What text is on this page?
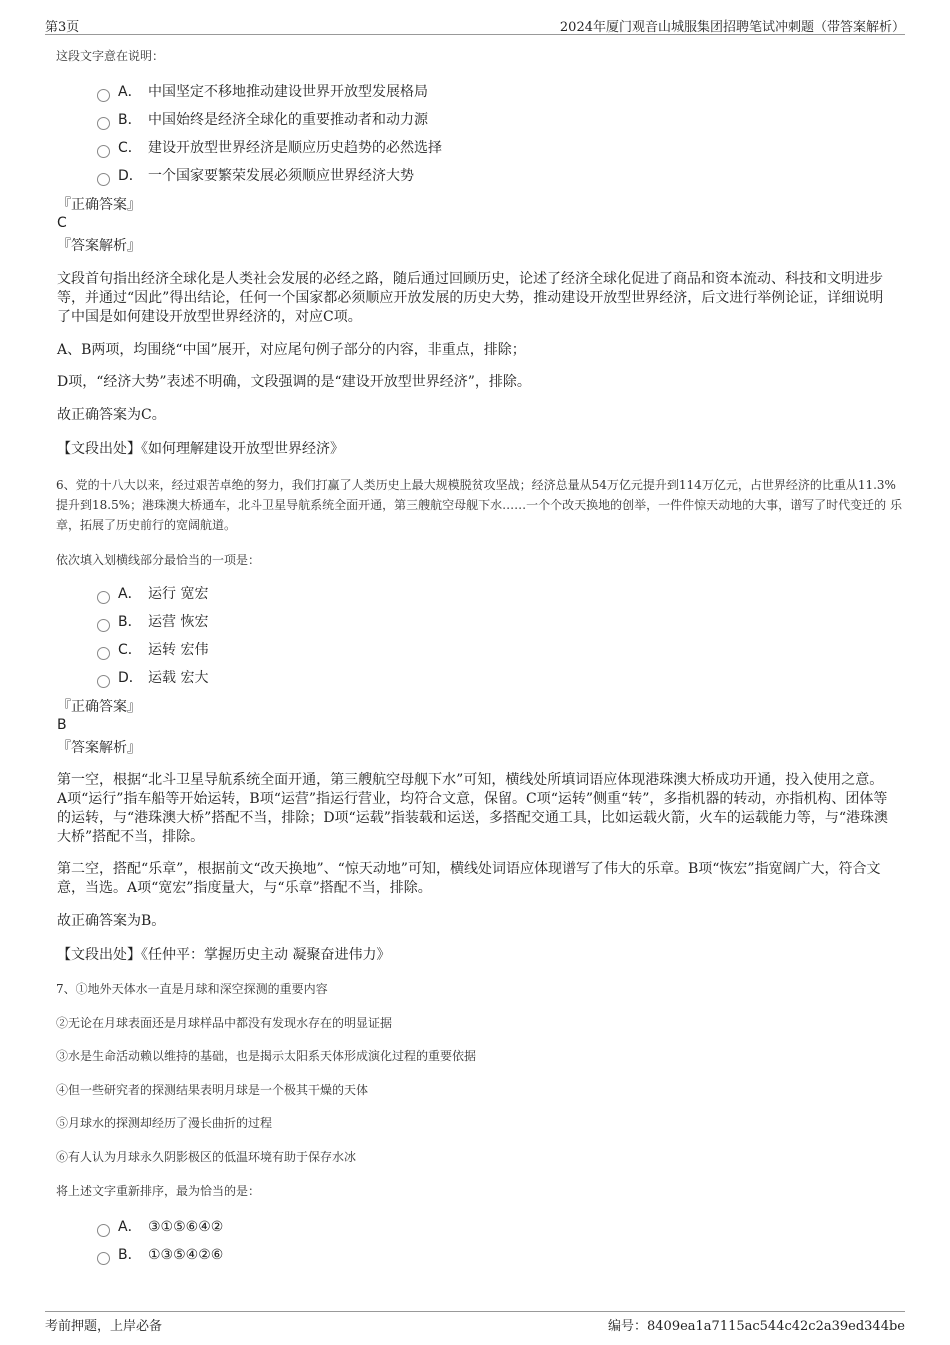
第3页	2024年厦门观音山城服集团招聘笔试冲刺题（带答案解析）
这段文字意在说明：
A． 中国坚定不移地推动建设世界开放型发展格局
B． 中国始终是经济全球化的重要推动者和动力源
C． 建设开放型世界经济是顺应历史趋势的必然选择
D． 一个国家要繁荣发展必须顺应世界经济大势
『正确答案』
C
『答案解析』
文段首句指出经济全球化是人类社会发展的必经之路，随后通过回顾历史，论述了经济全球化促进了商品和资本流动、科技和文明进步等，并通过“因此”得出结论，任何一个国家都必须顺应开放发展的历史大势，推动建设开放型世界经济，后文进行举例论证，详细说明了中国是如何建设开放型世界经济的，对应C项。
A、B两项，均围绕“中国”展开，对应尾句例子部分的内容，非重点，排除；
D项，“经济大势”表述不明确，文段强调的是“建设开放型世界经济”，排除。
故正确答案为C。
【文段出处】《如何理解建设开放型世界经济》
6、党的十八大以来，经过艰苦卓绝的努力，我们打赢了人类历史上最大规模脱贫攻坚战；经济总量从54万亿元提升到114万亿元，占世界经济的比重从11.3%提升到18.5%；港珠澳大桥通车，北斗卫星导航系统全面开通，第三艘航空母舰下水……一个个改天换地的创举，一件件惊天动地的大事，谱写了时代变迁的 乐章，拓展了历史前行的宽阔航道。
依次填入划横线部分最恰当的一项是：
A． 运行 宽宏
B． 运营 恢宏
C． 运转 宏伟
D． 运载 宏大
『正确答案』
B
『答案解析』
第一空，根据“北斗卫星导航系统全面开通，第三艘航空母舰下水”可知，横线处所填词语应体现港珠澳大桥成功开通，投入使用之意。A项“运行”指车船等开始运转，B项“运营”指运行营业，均符合文意，保留。C项“运转”侧重“转”，多指机器的转动，亦指机构、团体等的运转，与“港珠澳大桥”搭配不当，排除；D项“运载”指装载和运送，多搭配交通工具，比如运载火箭，火车的运载能力等，与“港珠澳大桥”搭配不当，排除。
第二空，搭配“乐章”，根据前文“改天换地”、“惊天动地”可知，横线处词语应体现谱写了伟大的乐章。B项“恢宏”指宽阔广大，符合文意，当选。A项“宽宏”指度量大，与“乐章”搭配不当，排除。
故正确答案为B。
【文段出处】《任仲平：掌握历史主动 凝聚奋进伟力》
7、①地外天体水一直是月球和深空探测的重要内容
②无论在月球表面还是月球样品中都没有发现水存在的明显证据
③水是生命活动赖以维持的基础，也是揭示太阳系天体形成演化过程的重要依据
④但一些研究者的探测结果表明月球是一个极其干燥的天体
⑤月球水的探测却经历了漫长曲折的过程
⑥有人认为月球永久阴影极区的低温环境有助于保存水冰
将上述文字重新排序，最为恰当的是：
A． ③①⑤⑥④②
B． ①③⑤④②⑥
考前押题，上岸必备	编号：8409ea1a7115ac544c42c2a39ed344be
